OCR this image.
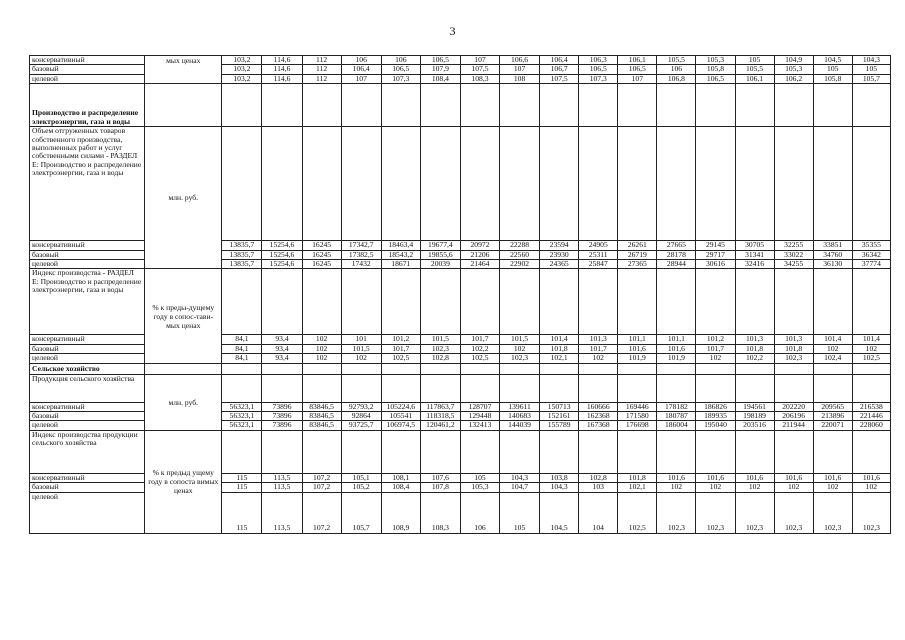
3
консервативный	мых ценах	103,2	114,6	112	106	106	106,5	107	106,6	106,4	106,3	106,1	105,5	105,3	105	104,9	104,5	104,3
базовый		103,2	114,6	112	106,4	106,5	107,9	107,5	107	106,7	106,5	106,5	106	105,8	105,5	105,3	105	105
целевой		103,2	114,6	112	107	107,3	108,4	108,3	108	107,5	107,3	107	106,8	106,5	106,1	106,2	105,8	105,7
Производство и распределение электроэнергии, газа и воды																		
Объем отгруженных товаров собственного производства, выполненных работ и услуг собственными силами - РАЗДЕЛ Е: Производство и распределение электроэнергии, газа и воды	млн. руб.																	
консервативный		13835,7	15254,6	16245	17342,7	18463,4	19677,4	20972	22288	23594	24905	26261	27665	29145	30705	32255	33851	35355
базовый		13835,7	15254,6	16245	17382,5	18543,2	19855,6	21206	22560	23930	25311	26719	28178	29717	31341	33022	34760	36342
целевой		13835,7	15254,6	16245	17432	18671	20039	21464	22902	24365	25847	27365	28944	30616	32416	34255	36130	37774
Индекс производства - РАЗДЕЛ Е: Производство и распределение электроэнергии, газа и воды	% к преды-дущему году в сопос-тави-мых ценах																	
консервативный		84,1	93,4	102	101	101,2	101,5	101,7	101,5	101,4	101,3	101,1	101,1	101,2	101,3	101,3	101,4	101,4
базовый		84,1	93,4	102	101,5	101,7	102,3	102,2	102	101,8	101,7	101,6	101,6	101,7	101,8	101,8	102	102
целевой		84,1	93,4	102	102	102,5	102,8	102,5	102,3	102,1	102	101,9	101,9	102	102,2	102,3	102,4	102,5
Сельское хозяйство																		
Продукция сельского хозяйства	млн. руб.																	
консервативный		56323,1	73896	83846,5	92793,2	105224,6	117863,7	128707	139611	150713	160666	169446	178182	186826	194561	202220	209565	216538
базовый		56323,1	73896	83846,5	92864	105541	118318,5	129448	140683	152161	162368	171580	180787	189935	198189	206196	213896	221446
целевой		56323,1	73896	83846,5	93725,7	106974,5	120461,2	132413	144039	155789	167368	176698	186004	195040	203516	211944	220071	228060
Индекс производства продукции сельского хозяйства	% к предыд ущему году в сопоста вимых ценах																	
консервативный		115	113,5	107,2	105,1	108,1	107,6	105	104,3	103,8	102,8	101,8	101,6	101,6	101,6	101,6	101,6	101,6
базовый		115	113,5	107,2	105,2	108,4	107,8	105,3	104,7	104,3	103	102,1	102	102	102	102	102	102
целевой		115	113,5	107,2	105,7	108,9	108,3	106	105	104,5	104	102,5	102,3	102,3	102,3	102,3	102,3	102,3
